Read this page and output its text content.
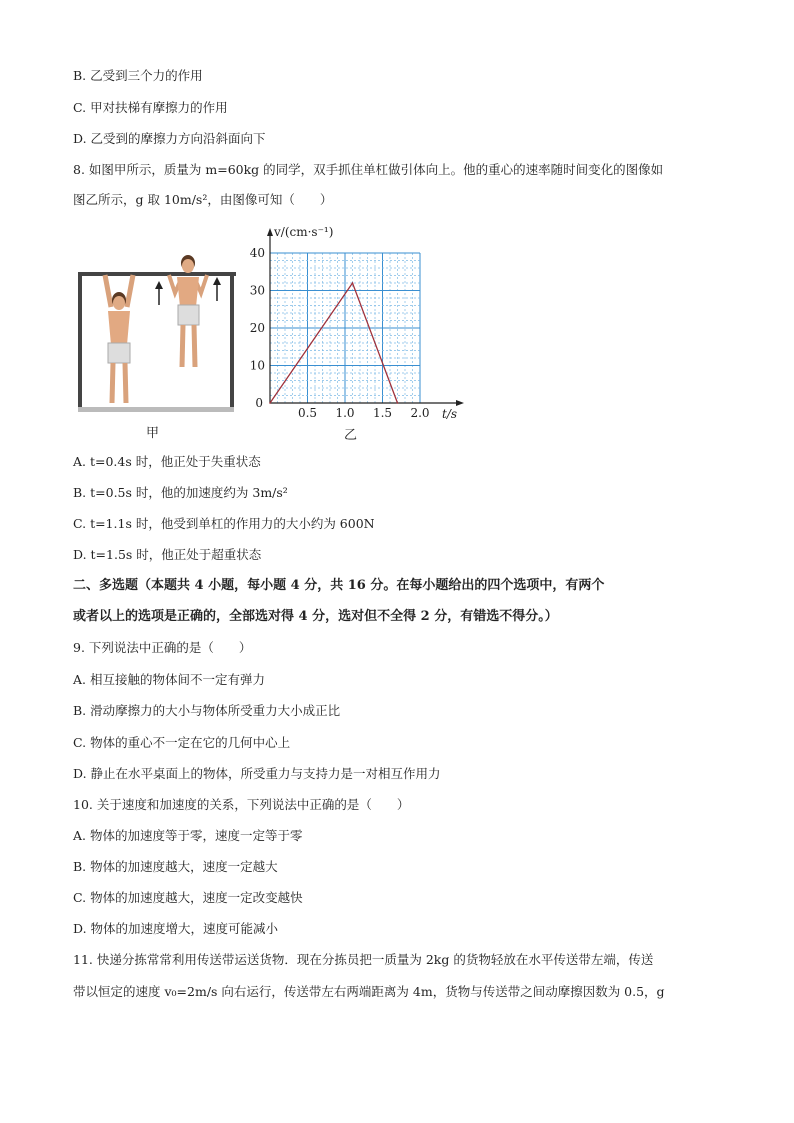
B. 乙受到三个力的作用
C. 甲对扶梯有摩擦力的作用
D. 乙受到的摩擦力方向沿斜面向下
8. 如图甲所示，质量为 m=60kg 的同学，双手抓住单杠做引体向上。他的重心的速率随时间变化的图像如
图乙所示，g 取 10m/s²，由图像可知（　　）
甲
0.5 1.0 1.5 2.0
10
20
30
40
0
t/s
v/(cm·s⁻¹)
乙
A. t=0.4s 时，他正处于失重状态
B. t=0.5s 时，他的加速度约为 3m/s²
C. t=1.1s 时，他受到单杠的作用力的大小约为 600N
D. t=1.5s 时，他正处于超重状态
二、多选题（本题共 4 小题，每小题 4 分，共 16 分。在每小题给出的四个选项中，有两个
或者以上的选项是正确的，全部选对得 4 分，选对但不全得 2 分，有错选不得分。）
9. 下列说法中正确的是（　　）
A. 相互接触的物体间不一定有弹力
B. 滑动摩擦力的大小与物体所受重力大小成正比
C. 物体的重心不一定在它的几何中心上
D. 静止在水平桌面上的物体，所受重力与支持力是一对相互作用力
10. 关于速度和加速度的关系，下列说法中正确的是（　　）
A. 物体的加速度等于零，速度一定等于零
B. 物体的加速度越大，速度一定越大
C. 物体的加速度越大，速度一定改变越快
D. 物体的加速度增大，速度可能减小
11. 快递分拣常常利用传送带运送货物．现在分拣员把一质量为 2kg 的货物轻放在水平传送带左端，传送
带以恒定的速度 v₀=2m/s 向右运行，传送带左右两端距离为 4m，货物与传送带之间动摩擦因数为 0.5，g
